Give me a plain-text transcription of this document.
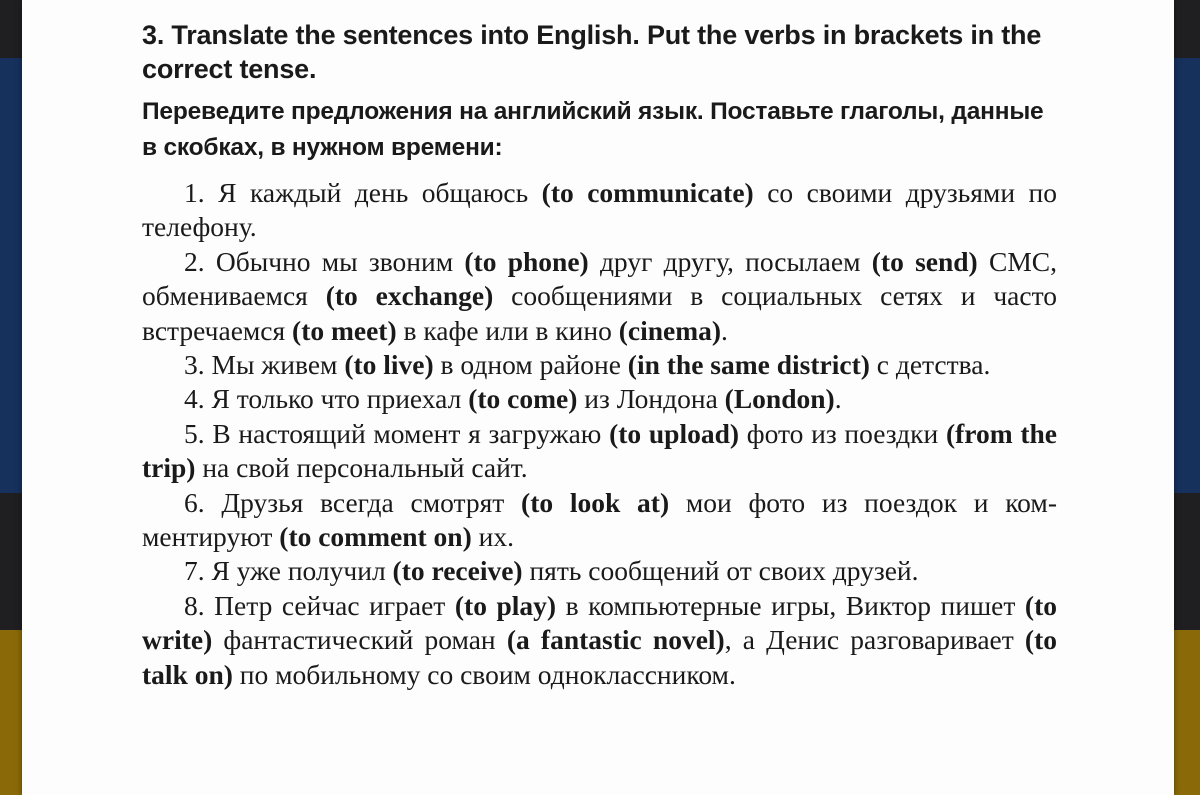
3. Translate the sentences into English. Put the verbs in brackets in the correct tense.
Переведите предложения на английский язык. Поставьте глаголы, данные в скобках, в нужном времени:

1. Я каждый день общаюсь (to communicate) со своими друзьями по телефону.

2. Обычно мы звоним (to phone) друг другу, посылаем (to send) СМС, обмениваемся (to exchange) сообщениями в социальных сетях и часто встречаемся (to meet) в кафе или в кино (cinema).

3. Мы живем (to live) в одном районе (in the same district) с детства.

4. Я только что приехал (to come) из Лондона (London).

5. В настоящий момент я загружаю (to upload) фото из поездки (from the trip) на свой персональный сайт.

6. Друзья всегда смотрят (to look at) мои фото из поездок и комментируют (to comment on) их.

7. Я уже получил (to receive) пять сообщений от своих друзей.

8. Петр сейчас играет (to play) в компьютерные игры, Виктор пишет (to write) фантастический роман (a fantastic novel), а Денис разговаривает (to talk on) по мобильному со своим одноклассником.
